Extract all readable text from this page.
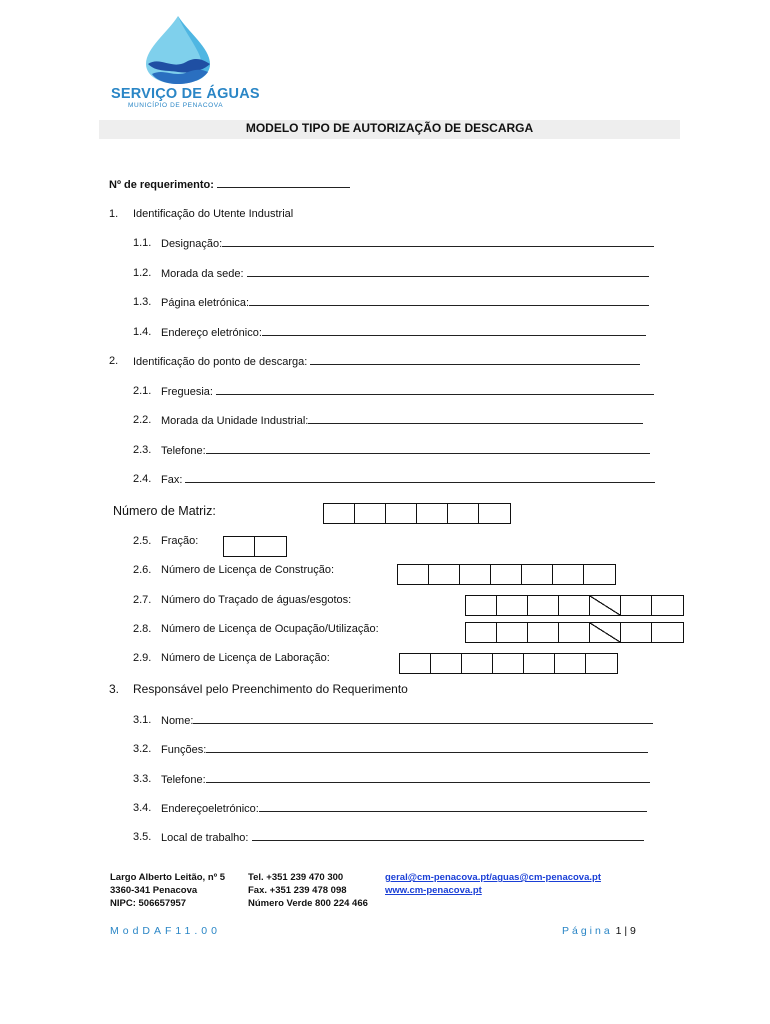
SERVIÇO DE ÁGUAS
MUNICÍPIO DE PENACOVA
MODELO TIPO DE AUTORIZAÇÃO DE DESCARGA
Nº de requerimento:
1. Identificação do Utente Industrial
1.1. Designação:
1.2. Morada da sede:
1.3. Página eletrónica:
1.4. Endereço eletrónico:
2. Identificação do ponto de descarga:
2.1. Freguesia:
2.2. Morada da Unidade Industrial:
2.3. Telefone:
2.4. Fax:
Número de Matriz:
2.5. Fração:
2.6. Número de Licença de Construção:
2.7. Número do Traçado de águas/esgotos:
2.8. Número de Licença de Ocupação/Utilização:
2.9. Número de Licença de Laboração:
3. Responsável pelo Preenchimento do Requerimento
3.1. Nome:
3.2. Funções:
3.3. Telefone:
3.4. Endereçoeletrónico:
3.5. Local de trabalho:
Largo Alberto Leitão, nº 5
3360-341 Penacova
NIPC: 506657957
Tel. +351 239 470 300
Fax. +351 239 478 098
Número Verde 800 224 466
geral@cm-penacova.pt/aguas@cm-penacova.pt
www.cm-penacova.pt
ModDAF11.00	Página 1 | 9
